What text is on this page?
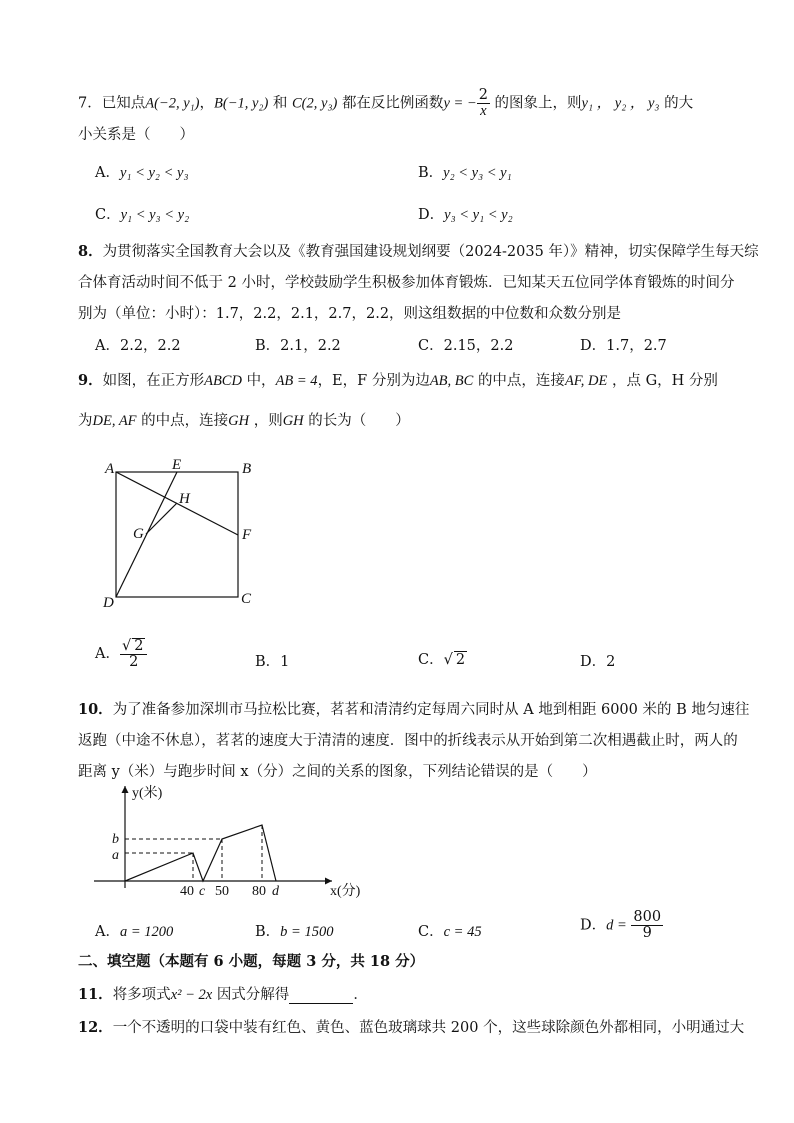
7．已知点A(−2, y₁)，B(−1, y₂) 和 C(2, y₃) 都在反比例函数y = − $\frac{2}{x}$ 的图象上，则y₁ ， y₂ ， y₃ 的大
小关系是（　　）
A．y₁ < y₂ < y₃	B．y₂ < y₃ < y₁
C．y₁ < y₃ < y₂	D．y₃ < y₁ < y₂
8．为贯彻落实全国教育大会以及《教育强国建设规划纲要（2024-2035 年）》精神，切实保障学生每天综
合体育活动时间不低于 2 小时，学校鼓励学生积极参加体育锻炼．已知某天五位同学体育锻炼的时间分
别为（单位：小时）：1.7，2.2，2.1，2.7，2.2，则这组数据的中位数和众数分别是
A．2.2，2.2	B．2.1，2.2	C．2.15，2.2	D．1.7，2.7
9．如图，在正方形ABCD 中，AB = 4，E，F 分别为边AB, BC 的中点，连接AF, DE ，点 G，H 分别
为DE, AF 的中点，连接GH ，则GH 的长为（　　）
A	B
C
D
E
F
G
H
A． $\frac{√ 2}{2}$	B．1	C．√ 2	D．2
10．为了准备参加深圳市马拉松比赛，茗茗和清清约定每周六同时从 A 地到相距 6000 米的 B 地匀速往
返跑（中途不休息），茗茗的速度大于清清的速度．图中的折线表示从开始到第二次相遇截止时，两人的
距离 y（米）与跑步时间 x（分）之间的关系的图象，下列结论错误的是（　　）
y(米)
x(分)
b
a
40 c 50 80 d
A．a = 1200	B．b = 1500	C．c = 45	D．$d = \frac{800}{9}$
二、填空题（本题有 6 小题，每题 3 分，共 18 分）
11．将多项式x² − 2x 因式分解得	．
12．一个不透明的口袋中装有红色、黄色、蓝色玻璃球共 200 个，这些球除颜色外都相同，小明通过大
